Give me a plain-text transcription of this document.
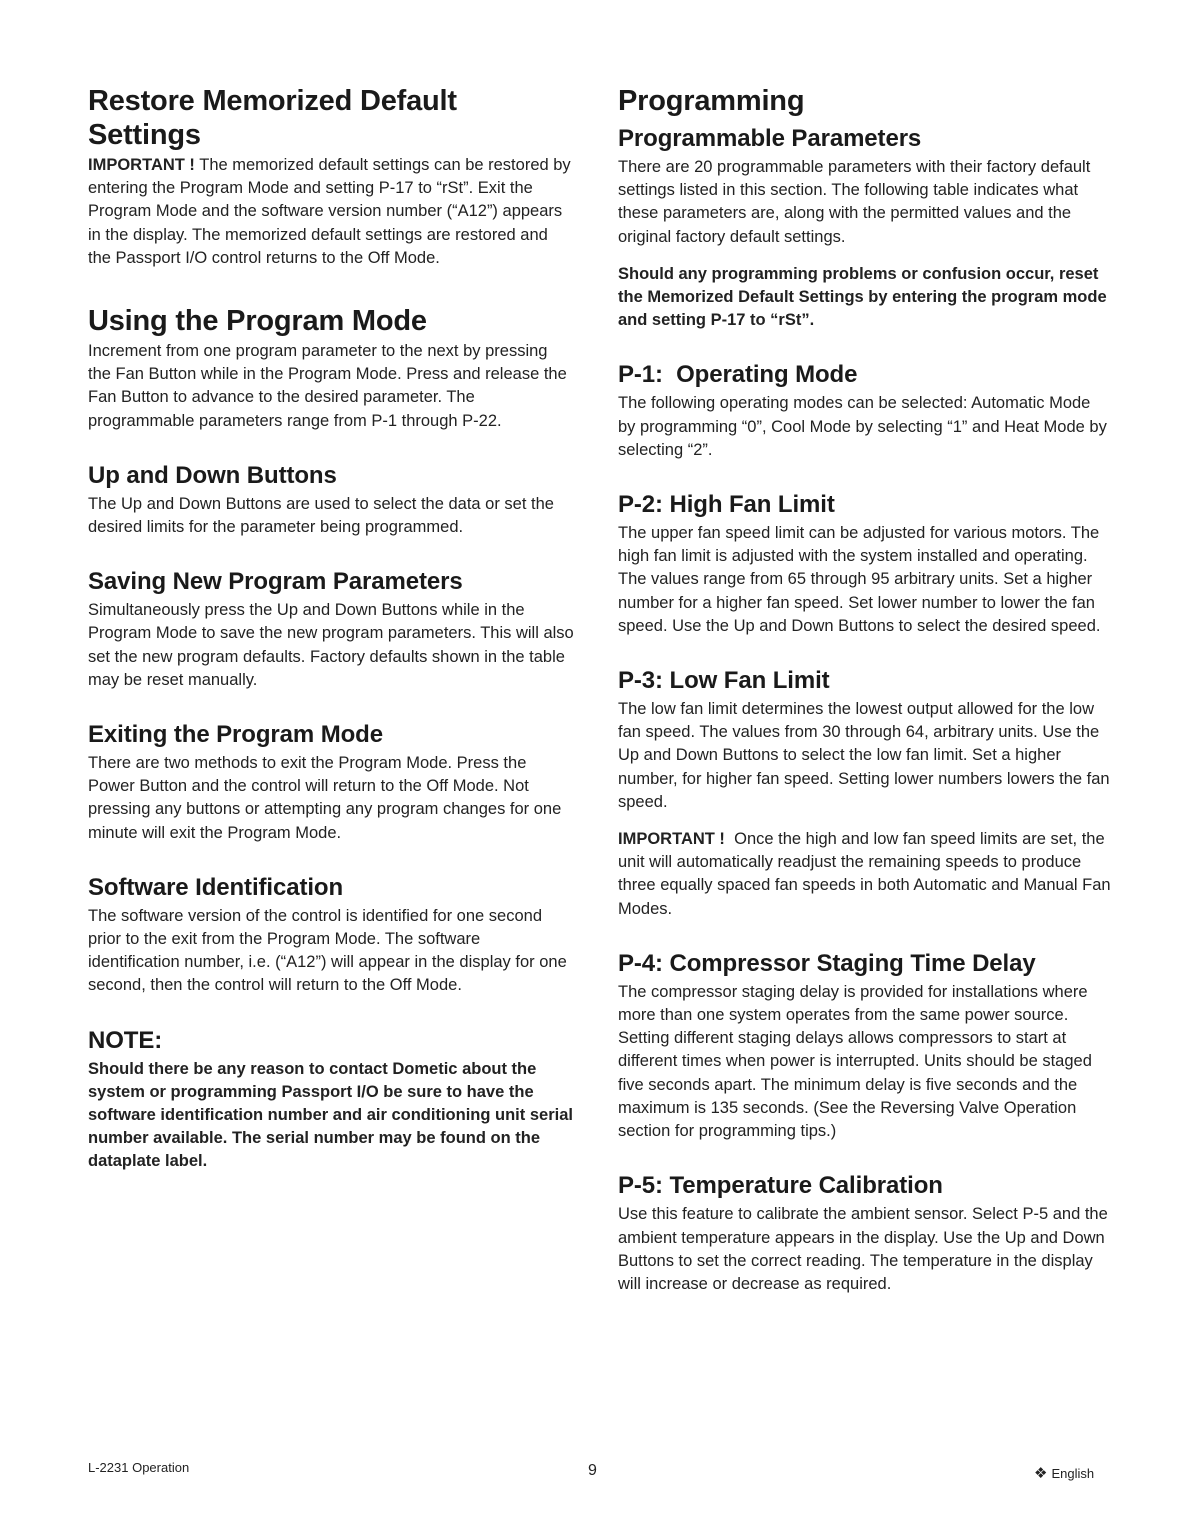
Restore Memorized Default Settings

IMPORTANT ! The memorized default settings can be restored by entering the Program Mode and setting P-17 to “rSt”. Exit the Program Mode and the software version number (“A12”) appears in the display. The memorized default settings are restored and the Passport I/O control returns to the Off Mode.

Using the Program Mode

Increment from one program parameter to the next by pressing the Fan Button while in the Program Mode. Press and release the Fan Button to advance to the desired parameter. The programmable parameters range from P-1 through P-22.

Up and Down Buttons

The Up and Down Buttons are used to select the data or set the desired limits for the parameter being programmed.

Saving New Program Parameters

Simultaneously press the Up and Down Buttons while in the Program Mode to save the new program parameters. This will also set the new program defaults. Factory defaults shown in the table may be reset manually.

Exiting the Program Mode

There are two methods to exit the Program Mode. Press the Power Button and the control will return to the Off Mode. Not pressing any buttons or attempting any program changes for one minute will exit the Program Mode.

Software Identification

The software version of the control is identified for one second prior to the exit from the Program Mode. The software identification number, i.e. (“A12”) will appear in the display for one second, then the control will return to the Off Mode.

NOTE:

Should there be any reason to contact Dometic about the system or programming Passport I/O be sure to have the software identification number and air conditioning unit serial number available. The serial number may be found on the dataplate label.

Programming
Programmable Parameters

There are 20 programmable parameters with their factory default settings listed in this section. The following table indicates what these parameters are, along with the permitted values and the original factory default settings.

Should any programming problems or confusion occur, reset the Memorized Default Settings by entering the program mode and setting P-17 to “rSt”.

P-1:  Operating Mode

The following operating modes can be selected: Automatic Mode by programming “0”, Cool Mode by selecting “1” and Heat Mode by selecting “2”.

P-2: High Fan Limit

The upper fan speed limit can be adjusted for various motors. The high fan limit is adjusted with the system installed and operating. The values range from 65 through 95 arbitrary units. Set a higher number for a higher fan speed. Set lower number to lower the fan speed. Use the Up and Down Buttons to select the desired speed.

P-3: Low Fan Limit

The low fan limit determines the lowest output allowed for the low fan speed. The values from 30 through 64, arbitrary units. Use the Up and Down Buttons to select the low fan limit. Set a higher number, for higher fan speed. Setting lower numbers lowers the fan speed.

IMPORTANT ! Once the high and low fan speed limits are set, the unit will automatically readjust the remaining speeds to produce three equally spaced fan speeds in both Automatic and Manual Fan Modes.

P-4: Compressor Staging Time Delay

The compressor staging delay is provided for installations where more than one system operates from the same power source. Setting different staging delays allows compressors to start at different times when power is interrupted. Units should be staged five seconds apart. The minimum delay is five seconds and the maximum is 135 seconds. (See the Reversing Valve Operation section for programming tips.)

P-5: Temperature Calibration

Use this feature to calibrate the ambient sensor. Select P-5 and the ambient temperature appears in the display. Use the Up and Down Buttons to set the correct reading. The temperature in the display will increase or decrease as required.

L-2231 Operation	9	❖ English
